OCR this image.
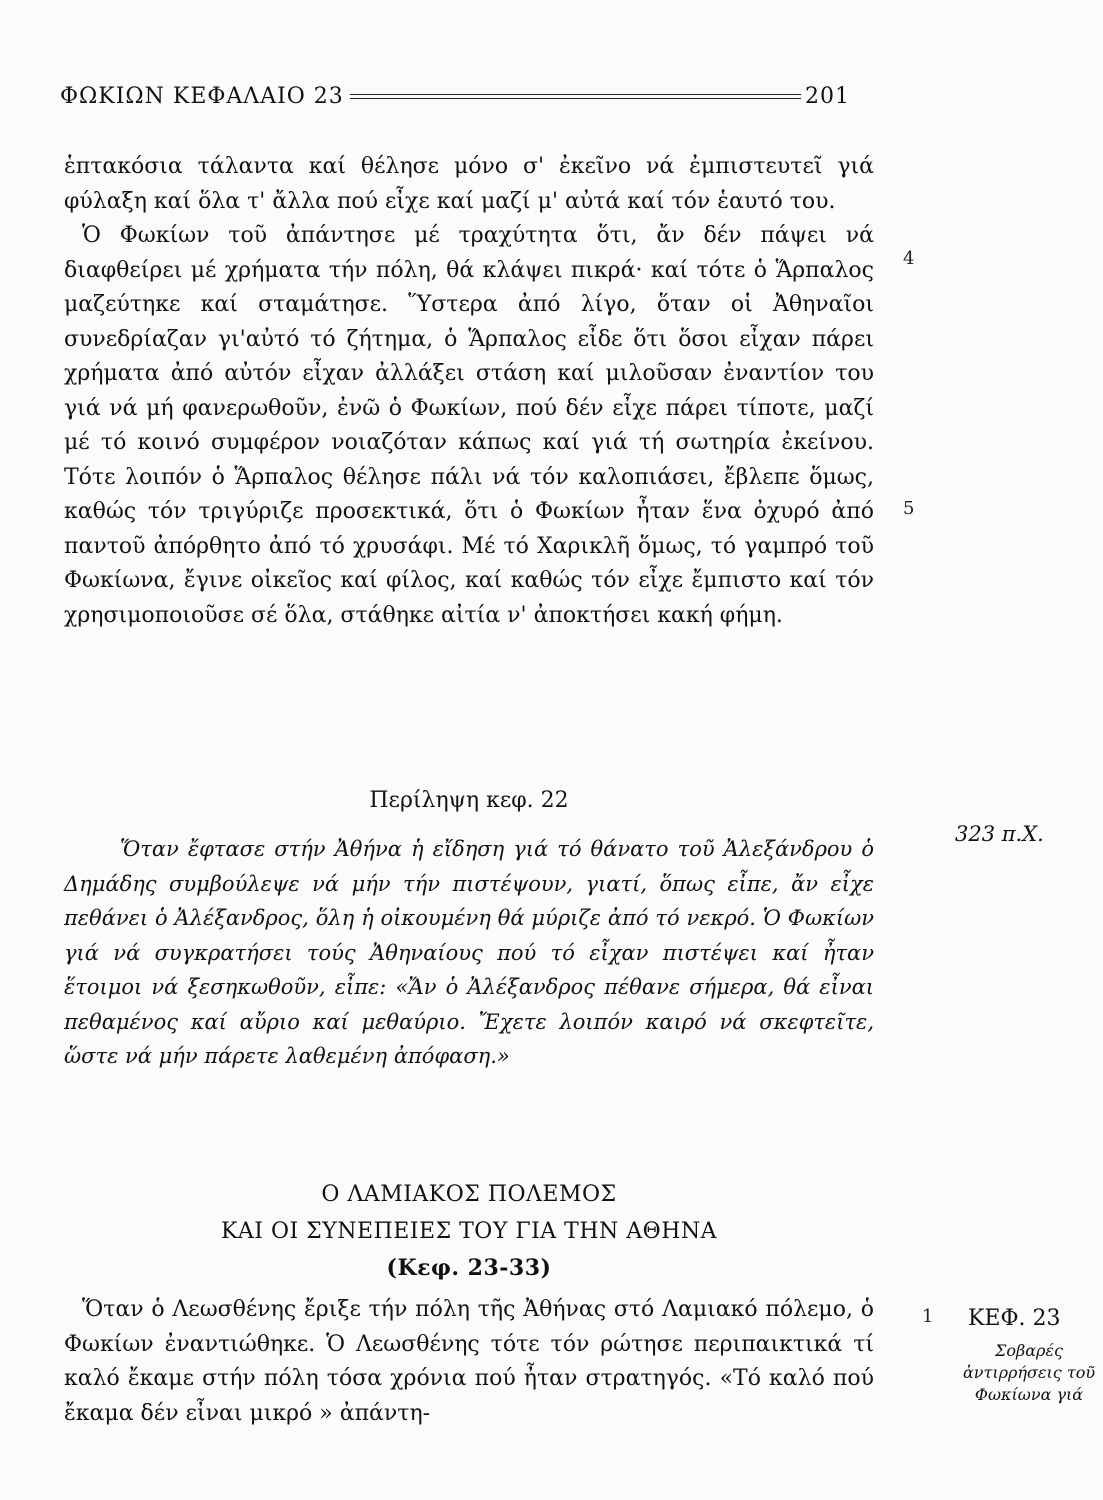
ΦΩΚΙΩΝ ΚΕΦΑΛΑΙΟ 23	201

ἑπτακόσια τάλαντα καί θέλησε μόνο σ' ἐκεῖνο νά ἐμπιστευτεῖ γιά φύλαξη καί ὅλα τ' ἄλλα πού εἶχε καί μαζί μ' αὐτά καί τόν ἑαυτό του.

Ὁ Φωκίων τοῦ ἀπάντησε μέ τραχύτητα ὅτι, ἄν δέν πάψει νά διαφθείρει μέ χρήματα τήν πόλη, θά κλάψει πικρά· καί τότε ὁ Ἅρπαλος μαζεύτηκε καί σταμάτησε. Ὕστερα ἀπό λίγο, ὅταν οἱ Ἀθηναῖοι συνεδρίαζαν γι'αὐτό τό ζήτημα, ὁ Ἅρπαλος εἶδε ὅτι ὅσοι εἶχαν πάρει χρήματα ἀπό αὐτόν εἶχαν ἀλλάξει στάση καί μιλοῦσαν ἐναντίον του γιά νά μή φανερωθοῦν, ἐνῶ ὁ Φωκίων, πού δέν εἶχε πάρει τίποτε, μαζί μέ τό κοινό συμφέρον νοιαζόταν κάπως καί γιά τή σωτηρία ἐκείνου. Τότε λοιπόν ὁ Ἅρπαλος θέλησε πάλι νά τόν καλοπιάσει, ἔβλεπε ὅμως, καθώς τόν τριγύριζε προσεκτικά, ὅτι ὁ Φωκίων ἦταν ἕνα ὀχυρό ἀπό παντοῦ ἀπόρθητο ἀπό τό χρυσάφι. Μέ τό Χαρικλῆ ὅμως, τό γαμπρό τοῦ Φωκίωνα, ἔγινε οἰκεῖος καί φίλος, καί καθώς τόν εἶχε ἔμπιστο καί τόν χρησιμοποιοῦσε σέ ὅλα, στάθηκε αἰτία ν' ἀποκτήσει κακή φήμη.

4
5
Περίληψη κεφ. 22
Ὅταν ἔφτασε στήν Ἀθήνα ἡ εἴδηση γιά τό θάνατο τοῦ Ἀλεξάνδρου ὁ Δημάδης συμβούλεψε νά μήν τήν πιστέψουν, γιατί, ὅπως εἶπε, ἄν εἶχε πεθάνει ὁ Ἀλέξανδρος, ὅλη ἡ οἰκουμένη θά μύριζε ἀπό τό νεκρό. Ὁ Φωκίων γιά νά συγκρατήσει τούς Ἀθηναίους πού τό εἶχαν πιστέψει καί ἦταν ἕτοιμοι νά ξεσηκωθοῦν, εἶπε: «Ἄν ὁ Ἀλέξανδρος πέθανε σήμερα, θά εἶναι πεθαμένος καί αὔριο καί μεθαύριο. Ἔχετε λοιπόν καιρό νά σκεφτεῖτε, ὥστε νά μήν πάρετε λαθεμένη ἀπόφαση.»
323 π.Χ.
Ο ΛΑΜΙΑΚΟΣ ΠΟΛΕΜΟΣ
ΚΑΙ ΟΙ ΣΥΝΕΠΕΙΕΣ ΤΟΥ ΓΙΑ ΤΗΝ ΑΘΗΝΑ
(Κεφ. 23-33)

Ὅταν ὁ Λεωσθένης ἔριξε τήν πόλη τῆς Ἀθήνας στό Λαμιακό πόλεμο, ὁ Φωκίων ἐναντιώθηκε. Ὁ Λεωσθένης τότε τόν ρώτησε περιπαικτικά τί καλό ἔκαμε στήν πόλη τόσα χρόνια πού ἦταν στρατηγός. «Τό καλό πού ἔκαμα δέν εἶναι μικρό » ἀπάντη-

1 ΚΕΦ. 23
Σοβαρές ἀντιρρήσεις τοῦ Φωκίωνα γιά
